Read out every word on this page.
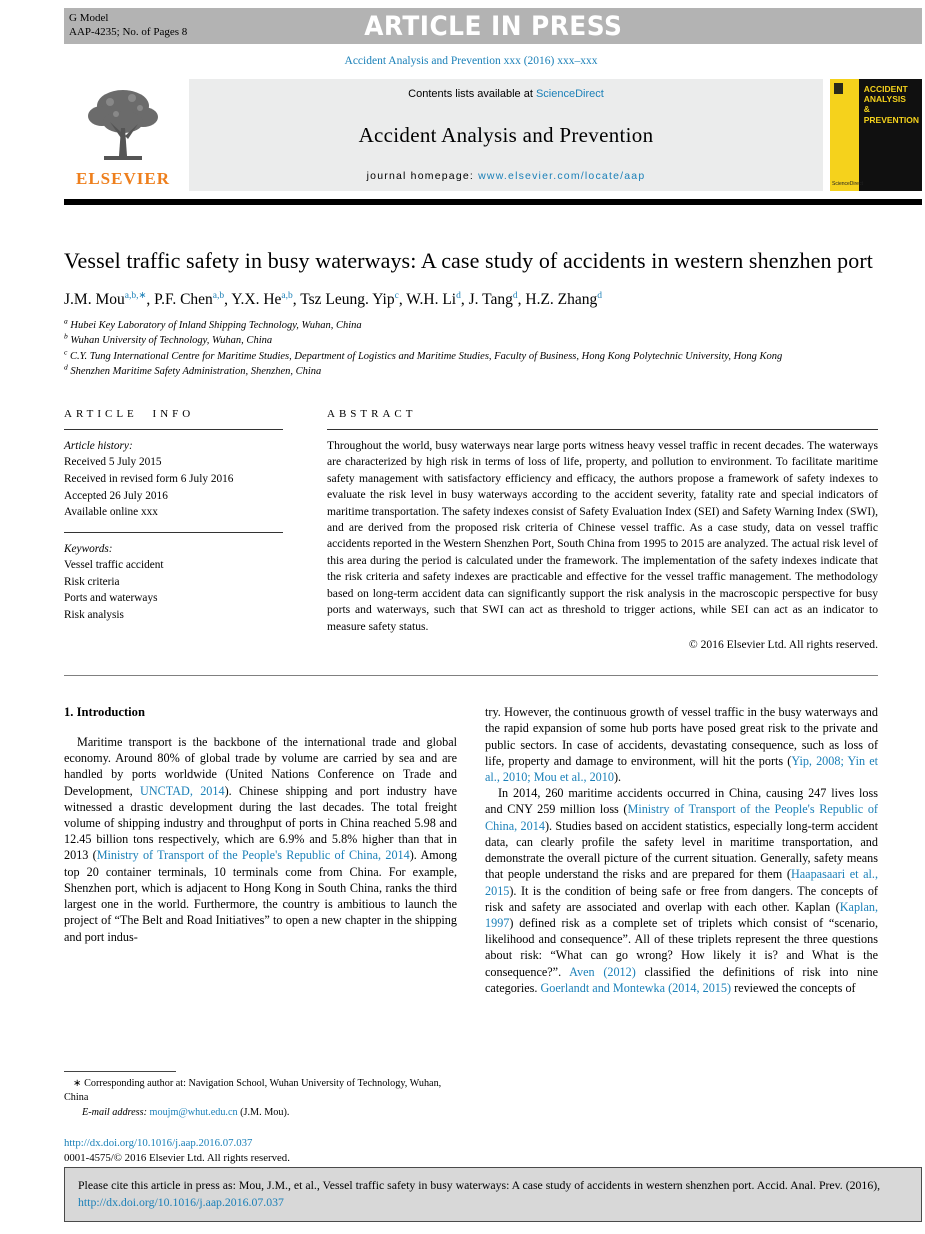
G Model
AAP-4235; No. of Pages 8	ARTICLE IN PRESS
Accident Analysis and Prevention xxx (2016) xxx–xxx
ELSEVIER
Contents lists available at ScienceDirect
Accident Analysis and Prevention
journal homepage: www.elsevier.com/locate/aap
ScienceDirect
ACCIDENT
ANALYSIS
&
PREVENTION
Vessel traffic safety in busy waterways: A case study of accidents in western shenzhen port
J.M. Mou$^{a,b,∗}$, P.F. Chen$^{a,b}$, Y.X. He$^{a,b}$, Tsz Leung. Yip$^c$, W.H. Li$^d$, J. Tang$^d$, H.Z. Zhang$^d$
$^a$ Hubei Key Laboratory of Inland Shipping Technology, Wuhan, China
$^b$ Wuhan University of Technology, Wuhan, China
$^c$ C.Y. Tung International Centre for Maritime Studies, Department of Logistics and Maritime Studies, Faculty of Business, Hong Kong Polytechnic University, Hong Kong
$^d$ Shenzhen Maritime Safety Administration, Shenzhen, China
ARTICLE INFO
Article history:
Received 5 July 2015
Received in revised form 6 July 2016
Accepted 26 July 2016
Available online xxx
Keywords:
Vessel traffic accident
Risk criteria
Ports and waterways
Risk analysis
ABSTRACT
Throughout the world, busy waterways near large ports witness heavy vessel traffic in recent decades. The waterways are characterized by high risk in terms of loss of life, property, and pollution to environment. To facilitate maritime safety management with satisfactory efficiency and efficacy, the authors propose a framework of safety indexes to evaluate the risk level in busy waterways according to the accident severity, fatality rate and special indicators of maritime transportation. The safety indexes consist of Safety Evaluation Index (SEI) and Safety Warning Index (SWI), and are derived from the proposed risk criteria of Chinese vessel traffic. As a case study, data on vessel traffic accidents reported in the Western Shenzhen Port, South China from 1995 to 2015 are analyzed. The actual risk level of this area during the period is calculated under the framework. The implementation of the safety indexes indicate that the risk criteria and safety indexes are practicable and effective for the vessel traffic management. The methodology based on long-term accident data can significantly support the risk analysis in the macroscopic perspective for busy ports and waterways, such that SWI can act as threshold to trigger actions, while SEI can act as an indicator to measure safety status.
© 2016 Elsevier Ltd. All rights reserved.
1. Introduction

Maritime transport is the backbone of the international trade and global economy. Around 80% of global trade by volume are carried by sea and are handled by ports worldwide (United Nations Conference on Trade and Development, UNCTAD, 2014). Chinese shipping and port industry have witnessed a drastic development during the last decades. The total freight volume of shipping industry and throughput of ports in China reached 5.98 and 12.45 billion tons respectively, which are 6.9% and 5.8% higher than that in 2013 (Ministry of Transport of the People's Republic of China, 2014). Among top 20 container terminals, 10 terminals come from China. For example, Shenzhen port, which is adjacent to Hong Kong in South China, ranks the third largest one in the world. Furthermore, the country is ambitious to launch the project of “The Belt and Road Initiatives” to open a new chapter in the shipping and port indus-

∗ Corresponding author at: Navigation School, Wuhan University of Technology, Wuhan, China
E-mail address: moujm@whut.edu.cn (J.M. Mou).
http://dx.doi.org/10.1016/j.aap.2016.07.037
0001-4575/© 2016 Elsevier Ltd. All rights reserved.

try. However, the continuous growth of vessel traffic in the busy waterways and the rapid expansion of some hub ports have posed great risk to the private and public sectors. In case of accidents, devastating consequence, such as loss of life, property and damage to environment, will hit the ports (Yip, 2008; Yin et al., 2010; Mou et al., 2010).

In 2014, 260 maritime accidents occurred in China, causing 247 lives loss and CNY 259 million loss (Ministry of Transport of the People's Republic of China, 2014). Studies based on accident statistics, especially long-term accident data, can clearly profile the safety level in maritime transportation, and demonstrate the overall picture of the current situation. Generally, safety means that people understand the risks and are prepared for them (Haapasaari et al., 2015). It is the condition of being safe or free from dangers. The concepts of risk and safety are associated and overlap with each other. Kaplan (Kaplan, 1997) defined risk as a complete set of triplets which consist of “scenario, likelihood and consequence”. All of these triplets represent the three questions about risk: “What can go wrong? How likely it is? and What is the consequence?”. Aven (2012) classified the definitions of risk into nine categories. Goerlandt and Montewka (2014, 2015) reviewed the concepts of

Please cite this article in press as: Mou, J.M., et al., Vessel traffic safety in busy waterways: A case study of accidents in western shenzhen port. Accid. Anal. Prev. (2016), http://dx.doi.org/10.1016/j.aap.2016.07.037
